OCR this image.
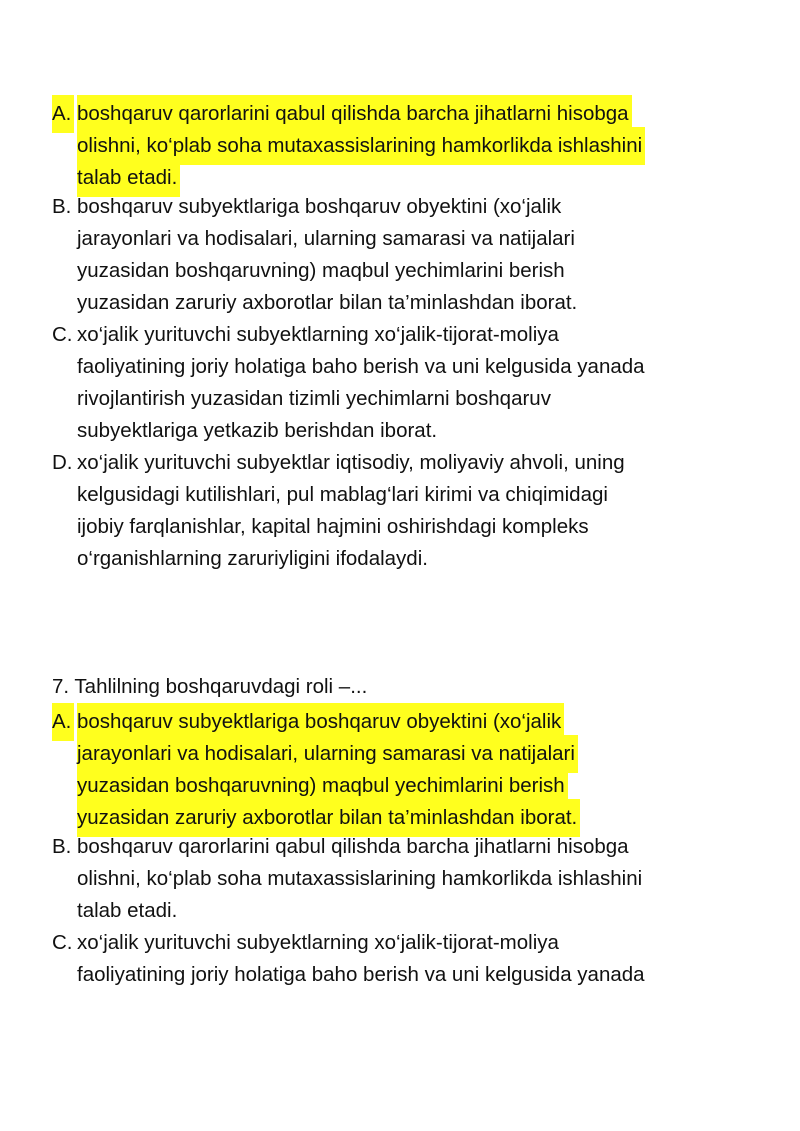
A. boshqaruv qarorlarini qabul qilishda barcha jihatlarni hisobga
olishni, ko‘plab soha mutaxassislarining hamkorlikda ishlashini
talab etadi.
B. boshqaruv subyektlariga boshqaruv obyektini (xo‘jalik
jarayonlari va hodisalari, ularning samarasi va natijalari
yuzasidan boshqaruvning) maqbul yechimlarini berish
yuzasidan zaruriy axborotlar bilan ta’minlashdan iborat.
C. xo‘jalik yurituvchi subyektlarning xo‘jalik-tijorat-moliya
faoliyatining joriy holatiga baho berish va uni kelgusida yanada
rivojlantirish yuzasidan tizimli yechimlarni boshqaruv
subyektlariga yetkazib berishdan iborat.
D. xo‘jalik yurituvchi subyektlar iqtisodiy, moliyaviy ahvoli, uning
kelgusidagi kutilishlari, pul mablag‘lari kirimi va chiqimidagi
ijobiy farqlanishlar, kapital hajmini oshirishdagi kompleks
o‘rganishlarning zaruriyligini ifodalaydi.
7. Tahlilning boshqaruvdagi roli –...
A. boshqaruv subyektlariga boshqaruv obyektini (xo‘jalik
jarayonlari va hodisalari, ularning samarasi va natijalari
yuzasidan boshqaruvning) maqbul yechimlarini berish
yuzasidan zaruriy axborotlar bilan ta’minlashdan iborat.
B. boshqaruv qarorlarini qabul qilishda barcha jihatlarni hisobga
olishni, ko‘plab soha mutaxassislarining hamkorlikda ishlashini
talab etadi.
C. xo‘jalik yurituvchi subyektlarning xo‘jalik-tijorat-moliya
faoliyatining joriy holatiga baho berish va uni kelgusida yanada
